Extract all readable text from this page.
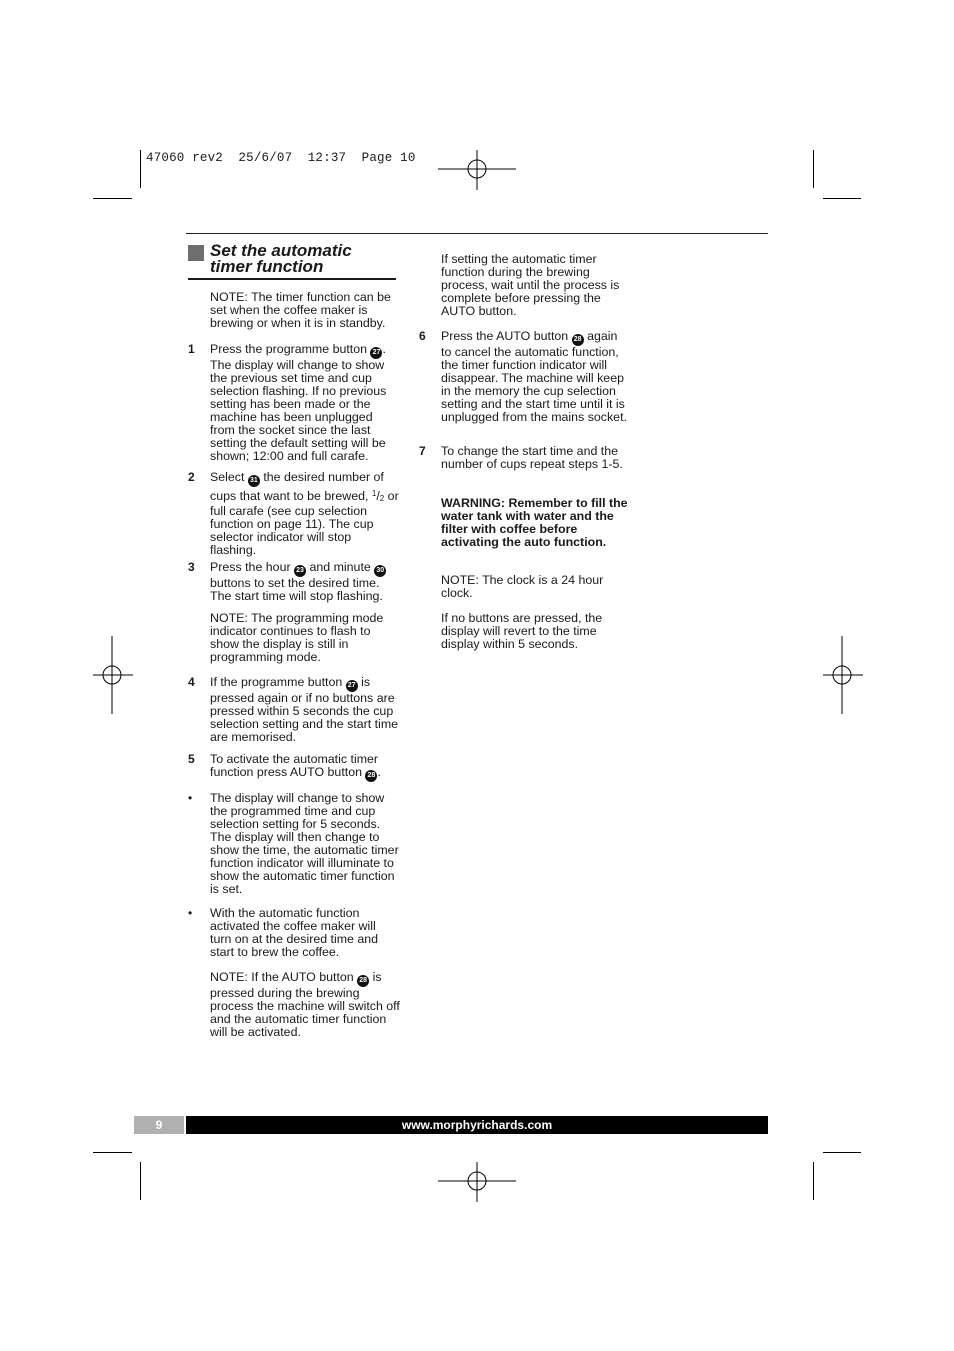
47060 rev2  25/6/07  12:37  Page 10
Set the automatic
timer function
NOTE: The timer function can be set when the coffee maker is brewing or when it is in standby.
1 Press the programme button 27 . The display will change to show the previous set time and cup selection flashing. If no previous setting has been made or the machine has been unplugged from the socket since the last setting the default setting will be shown; 12:00 and full carafe.
2 Select 31 the desired number of cups that want to be brewed, $^1$/2 or full carafe (see cup selection function on page 11). The cup selector indicator will stop flashing.
3 Press the hour 23 and minute 30 buttons to set the desired time. The start time will stop flashing.
NOTE: The programming mode indicator continues to flash to show the display is still in programming mode.
4 If the programme button 27 is pressed again or if no buttons are pressed within 5 seconds the cup selection setting and the start time are memorised.
5 To activate the automatic timer function press AUTO button 28 .
• The display will change to show the programmed time and cup selection setting for 5 seconds. The display will then change to show the time, the automatic timer function indicator will illuminate to show the automatic timer function is set.
• With the automatic function activated the coffee maker will turn on at the desired time and start to brew the coffee.
NOTE: If the AUTO button 28 is pressed during the brewing process the machine will switch off and the automatic timer function will be activated.
If setting the automatic timer function during the brewing process, wait until the process is complete before pressing the AUTO button.
6 Press the AUTO button 28 again to cancel the automatic function, the timer function indicator will disappear. The machine will keep in the memory the cup selection setting and the start time until it is unplugged from the mains socket.
7 To change the start time and the number of cups repeat steps 1-5.
WARNING: Remember to fill the water tank with water and the filter with coffee before activating the auto function.
NOTE: The clock is a 24 hour clock.
If no buttons are pressed, the display will revert to the time display within 5 seconds.
9	www.morphyrichards.com
